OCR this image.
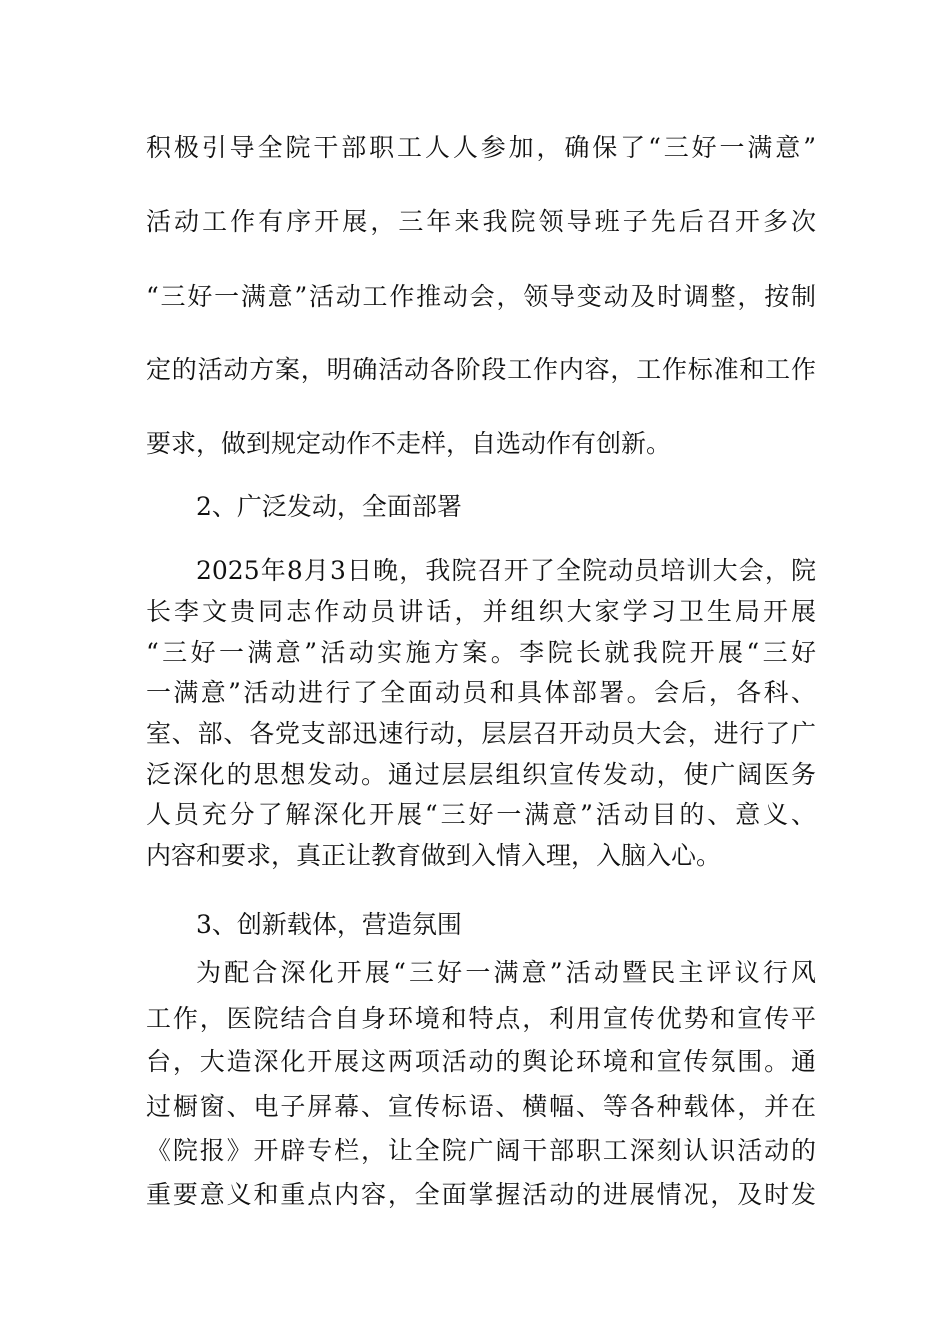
积极引导全院干部职工人人参加，确保了“三好一满意”
活动工作有序开展，三年来我院领导班子先后召开多次
“三好一满意”活动工作推动会，领导变动及时调整，按制
定的活动方案，明确活动各阶段工作内容，工作标准和工作
要求，做到规定动作不走样，自选动作有创新。
2、广泛发动，全面部署
2025年8月3日晚，我院召开了全院动员培训大会，院
长李文贵同志作动员讲话，并组织大家学习卫生局开展
“三好一满意”活动实施方案。李院长就我院开展“三好
一满意”活动进行了全面动员和具体部署。会后，各科、
室、部、各党支部迅速行动，层层召开动员大会，进行了广
泛深化的思想发动。通过层层组织宣传发动，使广阔医务
人员充分了解深化开展“三好一满意”活动目的、意义、
内容和要求，真正让教育做到入情入理，入脑入心。
3、创新载体，营造氛围
为配合深化开展“三好一满意”活动暨民主评议行风
工作，医院结合自身环境和特点，利用宣传优势和宣传平
台，大造深化开展这两项活动的舆论环境和宣传氛围。通
过橱窗、电子屏幕、宣传标语、横幅、等各种载体，并在
《院报》开辟专栏，让全院广阔干部职工深刻认识活动的
重要意义和重点内容，全面掌握活动的进展情况，及时发
